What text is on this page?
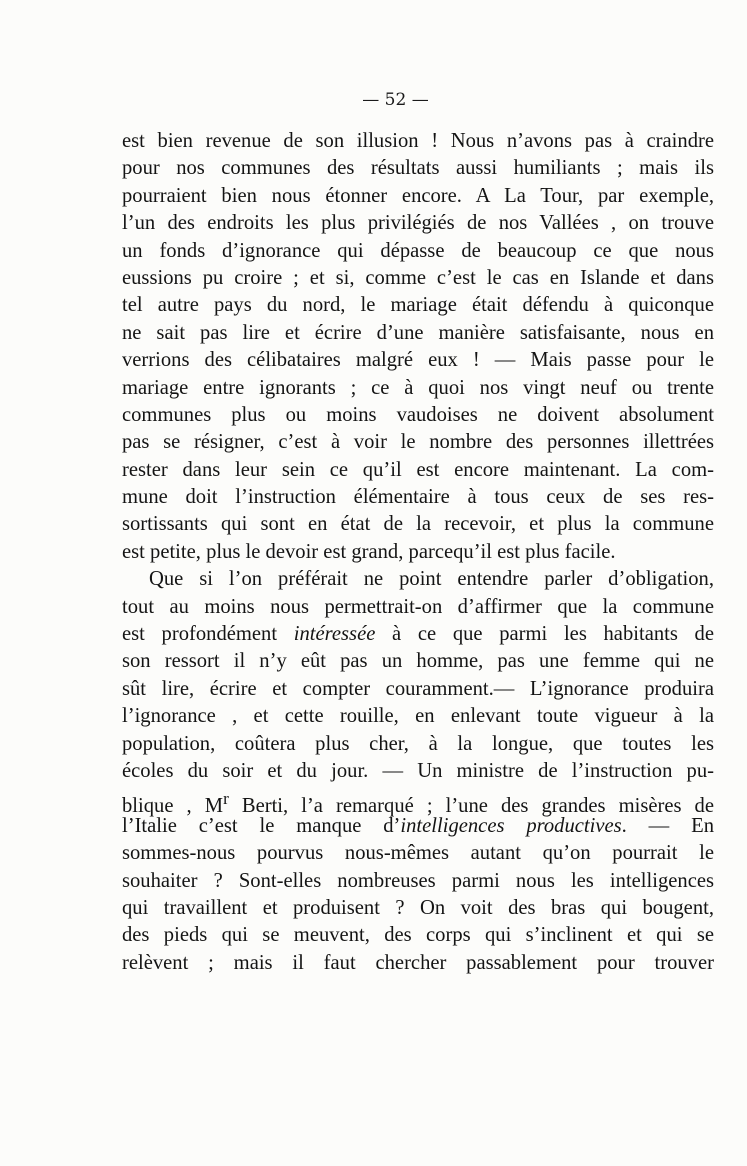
— 52 —
est bien revenue de son illusion ! Nous n’avons pas à craindre
pour nos communes des résultats aussi humiliants ; mais ils
pourraient bien nous étonner encore. A La Tour, par exemple,
l’un des endroits les plus privilégiés de nos Vallées , on trouve
un fonds d’ignorance qui dépasse de beaucoup ce que nous
eussions pu croire ; et si, comme c’est le cas en Islande et dans
tel autre pays du nord, le mariage était défendu à quiconque
ne sait pas lire et écrire d’une manière satisfaisante, nous en
verrions des célibataires malgré eux ! — Mais passe pour le
mariage entre ignorants ; ce à quoi nos vingt neuf ou trente
communes plus ou moins vaudoises ne doivent absolument
pas se résigner, c’est à voir le nombre des personnes illettrées
rester dans leur sein ce qu’il est encore maintenant. La com-
mune doit l’instruction élémentaire à tous ceux de ses res-
sortissants qui sont en état de la recevoir, et plus la commune
est petite, plus le devoir est grand, parcequ’il est plus facile.
Que si l’on préférait ne point entendre parler d’obligation,
tout au moins nous permettrait-on d’affirmer que la commune
est profondément intéressée à ce que parmi les habitants de
son ressort il n’y eût pas un homme, pas une femme qui ne
sût lire, écrire et compter couramment.— L’ignorance produira
l’ignorance , et cette rouille, en enlevant toute vigueur à la
population, coûtera plus cher, à la longue, que toutes les
écoles du soir et du jour. — Un ministre de l’instruction pu-
blique , $M^r$ Berti, l’a remarqué ; l’une des grandes misères de
l’Italie c’est le manque d’intelligences productives. — En
sommes-nous pourvus nous-mêmes autant qu’on pourrait le
souhaiter ? Sont-elles nombreuses parmi nous les intelligences
qui travaillent et produisent ? On voit des bras qui bougent,
des pieds qui se meuvent, des corps qui s’inclinent et qui se
relèvent ; mais il faut chercher passablement pour trouver
